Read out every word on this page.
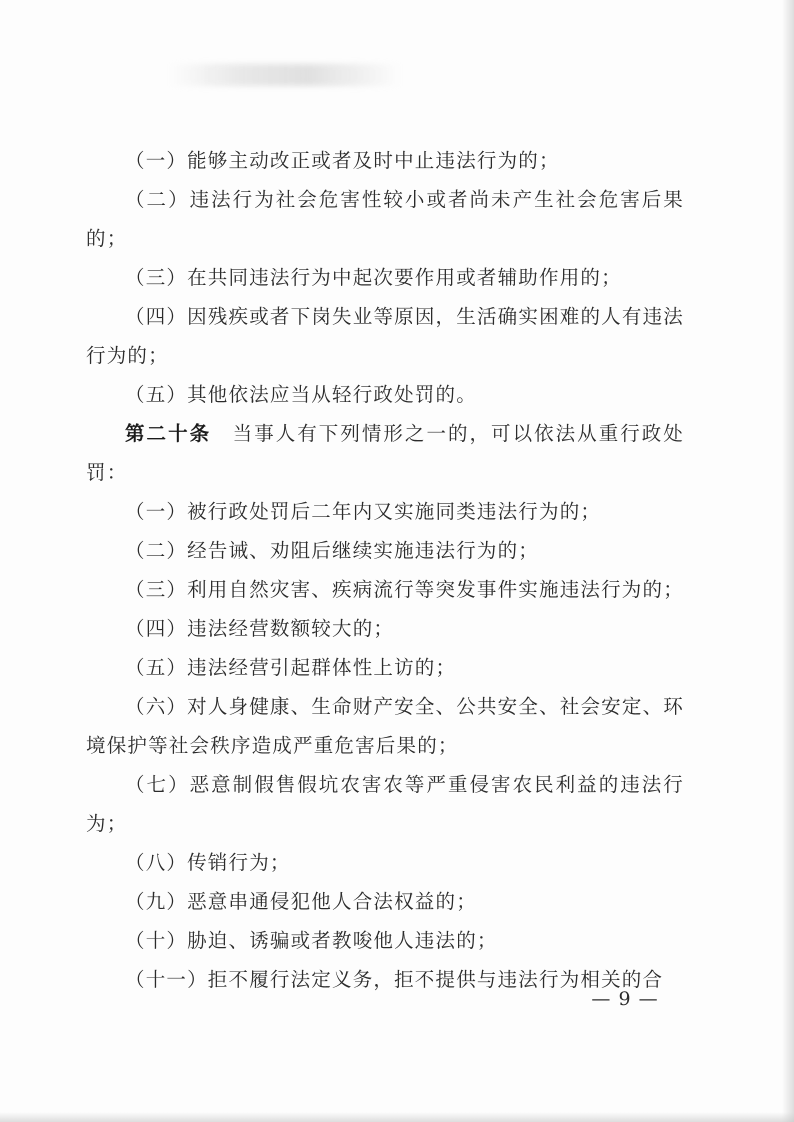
（一）能够主动改正或者及时中止违法行为的；

（二）违法行为社会危害性较小或者尚未产生社会危害后果的；

（三）在共同违法行为中起次要作用或者辅助作用的；

（四）因残疾或者下岗失业等原因，生活确实困难的人有违法行为的；

（五）其他依法应当从轻行政处罚的。

第二十条　当事人有下列情形之一的，可以依法从重行政处罚：

（一）被行政处罚后二年内又实施同类违法行为的；

（二）经告诫、劝阻后继续实施违法行为的；

（三）利用自然灾害、疾病流行等突发事件实施违法行为的；

（四）违法经营数额较大的；

（五）违法经营引起群体性上访的；

（六）对人身健康、生命财产安全、公共安全、社会安定、环境保护等社会秩序造成严重危害后果的；

（七）恶意制假售假坑农害农等严重侵害农民利益的违法行为；

（八）传销行为；

（九）恶意串通侵犯他人合法权益的；

（十）胁迫、诱骗或者教唆他人违法的；

（十一）拒不履行法定义务，拒不提供与违法行为相关的合

— 9 —
